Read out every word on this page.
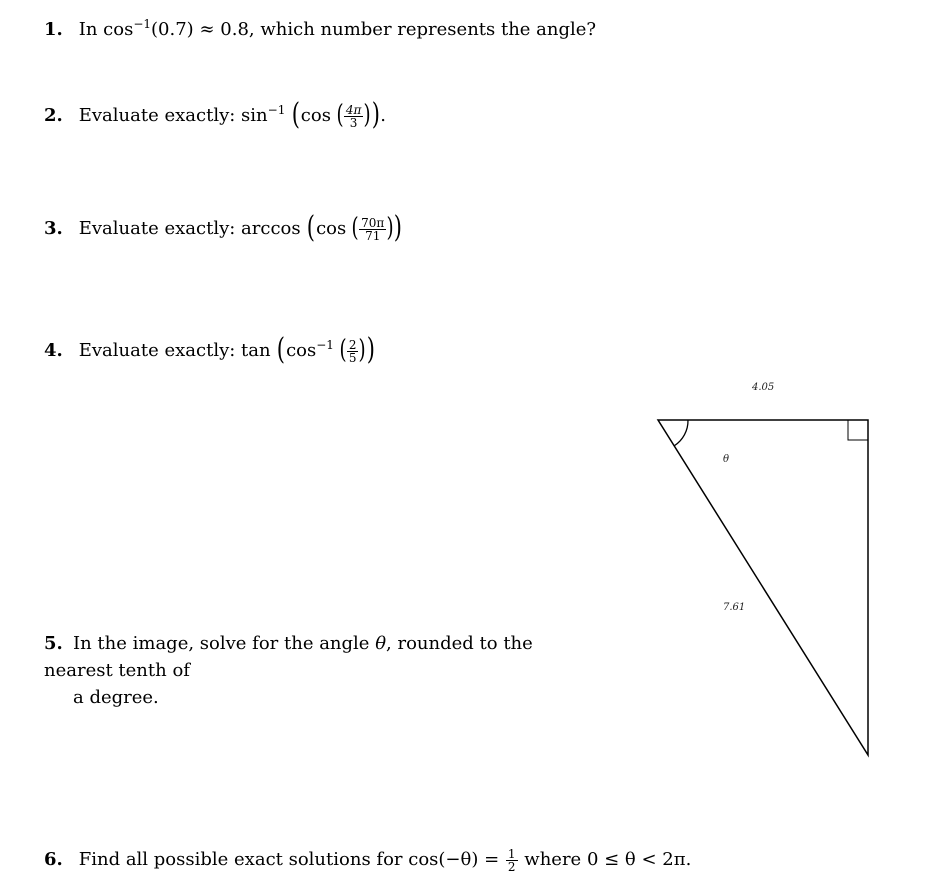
1. In $\cos^{-1}(0.7) \approx 0.8$, which number represents the angle?
2. Evaluate exactly: $\sin^{-1} (\cos$ ( $\frac{4\pi}{3}$ )).
3. Evaluate exactly: arccos (cos ( $\frac{70\pi}{71}$ ))
4. Evaluate exactly: $\tan (\cos^{-1}$ ( $\frac{2}{5}$ ))
5. In the image, solve for the angle θ, rounded to the nearest tenth of
a degree.
6. Find all possible exact solutions for $\cos(-\theta) = \frac{1}{2}$ where 0 ≤ θ < 2π.
4.05
θ
7.61
